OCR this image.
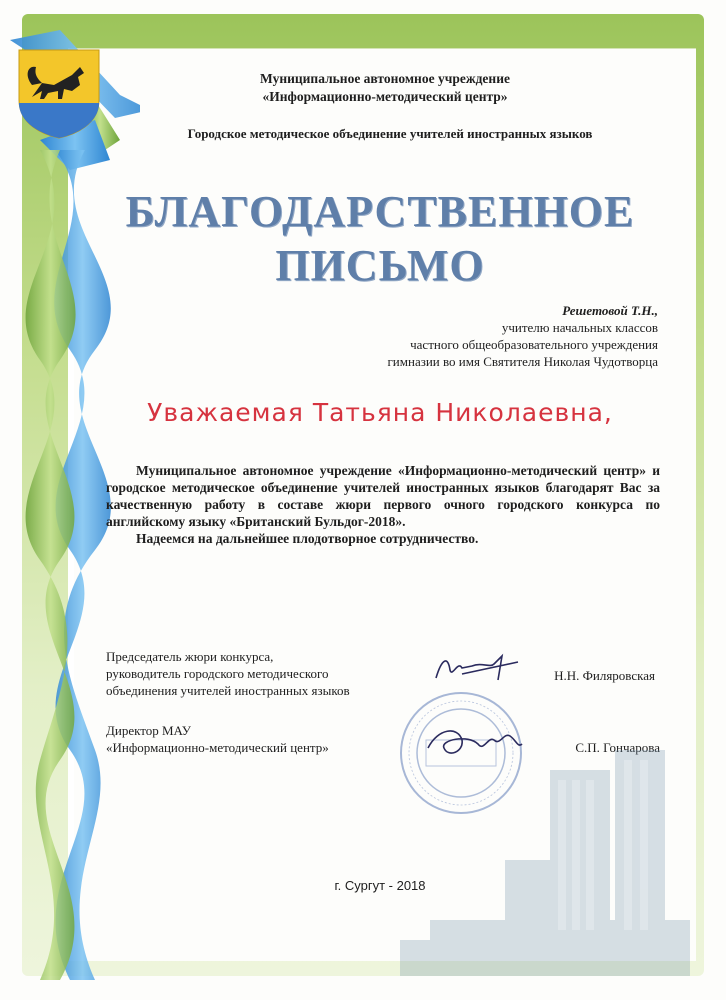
Муниципальное автономное учреждение
«Информационно-методический центр»
Городское методическое объединение учителей иностранных языков
БЛАГОДАРСТВЕННОЕ
ПИСЬМО
Решетовой Т.Н.,
учителю начальных классов
частного общеобразовательного учреждения
гимназии во имя Святителя Николая Чудотворца
Уважаемая Татьяна Николаевна,

Муниципальное автономное учреждение «Информационно-методический центр» и городское методическое объединение учителей иностранных языков благодарят Вас за качественную работу в составе жюри первого очного городского конкурса по английскому языку «Британский Бульдог-2018».

Надеемся на дальнейшее плодотворное сотрудничество.

Председатель жюри конкурса,
руководитель городского методического
объединения учителей иностранных языков
Н.Н. Филяровская
Директор МАУ
«Информационно-методический центр»	С.П. Гончарова
г. Сургут - 2018
